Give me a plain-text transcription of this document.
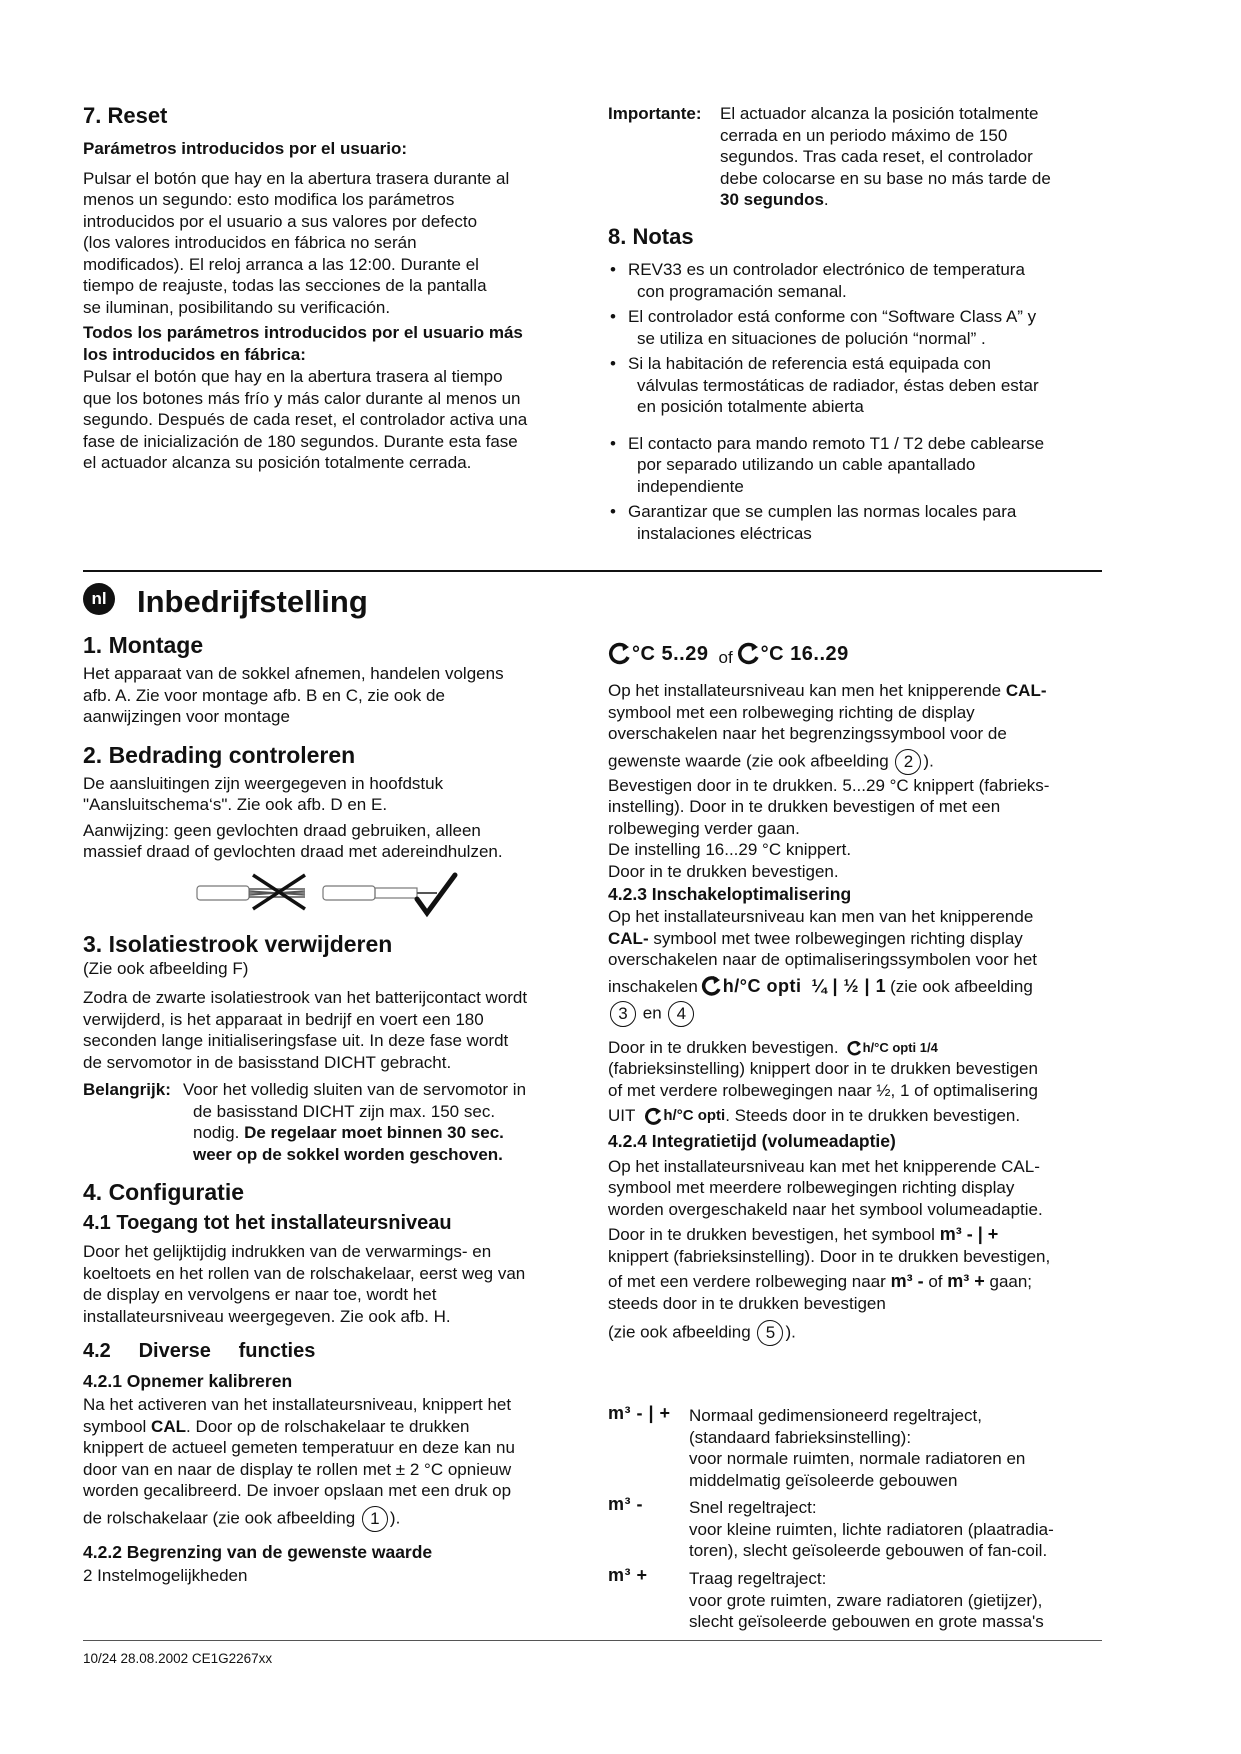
7. Reset
Parámetros introducidos por el usuario:
Pulsar el botón que hay en la abertura trasera durante al
menos un segundo: esto modifica los parámetros
introducidos por el usuario a sus valores por defecto
(los valores introducidos en fábrica no serán
modificados). El reloj arranca a las 12:00. Durante el
tiempo de reajuste, todas las secciones de la pantalla
se iluminan, posibilitando su verificación.
Todos los parámetros introducidos por el usuario más
los introducidos en fábrica:
Pulsar el botón que hay en la abertura trasera al tiempo
que los botones más frío y más calor durante al menos un
segundo. Después de cada reset, el controlador activa una
fase de inicialización de 180 segundos. Durante esta fase
el actuador alcanza su posición totalmente cerrada.
Importante: El actuador alcanza la posición totalmente
cerrada en un periodo máximo de 150
segundos. Tras cada reset, el controlador
debe colocarse en su base no más tarde de
30 segundos.
8. Notas
• REV33 es un controlador electrónico de temperatura
con programación semanal.
• El controlador está conforme con “Software Class A” y
se utiliza en situaciones de polución “normal” .
• Si la habitación de referencia está equipada con
válvulas termostáticas de radiador, éstas deben estar
en posición totalmente abierta
• El contacto para mando remoto T1 / T2 debe cablearse
por separado utilizando un cable apantallado
independiente
• Garantizar que se cumplen las normas locales para
instalaciones eléctricas
nl Inbedrijfstelling
1. Montage
Het apparaat van de sokkel afnemen, handelen volgens
afb. A. Zie voor montage afb. B en C, zie ook de
aanwijzingen voor montage
2. Bedrading controleren
De aansluitingen zijn weergegeven in hoofdstuk
"Aansluitschema‘s". Zie ook afb. D en E.
Aanwijzing: geen gevlochten draad gebruiken, alleen
massief draad of gevlochten draad met adereindhulzen.
3. Isolatiestrook verwijderen
(Zie ook afbeelding F)
Zodra de zwarte isolatiestrook van het batterijcontact wordt
verwijderd, is het apparaat in bedrijf en voert een 180
seconden lange initialiseringsfase uit. In deze fase wordt
de servomotor in de basisstand DICHT gebracht.
Belangrijk: Voor het volledig sluiten van de servomotor in
de basisstand DICHT zijn max. 150 sec.
nodig. De regelaar moet binnen 30 sec.
weer op de sokkel worden geschoven.
4. Configuratie
4.1 Toegang tot het installateursniveau
Door het gelijktijdig indrukken van de verwarmings- en
koeltoets en het rollen van de rolschakelaar, eerst weg van
de display en vervolgens er naar toe, wordt het
installateursniveau weergegeven. Zie ook afb. H.
4.2     Diverse     functies
4.2.1 Opnemer kalibreren
Na het activeren van het installateursniveau, knippert het
symbool CAL. Door op de rolschakelaar te drukken
knippert de actueel gemeten temperatuur en deze kan nu
door van en naar de display te rollen met ± 2 °C opnieuw
worden gecalibreerd. De invoer opslaan met een druk op
de rolschakelaar (zie ook afbeelding 1 ).
4.2.2 Begrenzing van de gewenste waarde
2 Instelmogelijkheden
°C 5..29 of °C 16..29
Op het installateursniveau kan men het knipperende CAL-
symbool met een rolbeweging richting de display
overschakelen naar het begrenzingssymbool voor de
gewenste waarde (zie ook afbeelding 2 ).
Bevestigen door in te drukken. 5...29 °C knippert (fabrieks-
instelling). Door in te drukken bevestigen of met een
rolbeweging verder gaan.
De instelling 16...29 °C knippert.
Door in te drukken bevestigen.
4.2.3 Inschakeloptimalisering
Op het installateursniveau kan men van het knipperende
CAL- symbool met twee rolbewegingen richting display
overschakelen naar de optimaliseringssymbolen voor het
inschakelen h/°C opti ¼ | ½ | 1 (zie ook afbeelding
3 en 4
Door in te drukken bevestigen. h/°C opti 1/4
(fabrieksinstelling) knippert door in te drukken bevestigen
of met verdere rolbewegingen naar ½, 1 of optimalisering
UIT h/°C opti . Steeds door in te drukken bevestigen.
4.2.4 Integratietijd (volumeadaptie)
Op het installateursniveau kan met het knipperende CAL-
symbool met meerdere rolbewegingen richting display
worden overgeschakeld naar het symbool volumeadaptie.
Door in te drukken bevestigen, het symbool m³ - | +
knippert (fabrieksinstelling). Door in te drukken bevestigen,
of met een verdere rolbeweging naar m³ - of m³ + gaan;
steeds door in te drukken bevestigen
(zie ook afbeelding 5 ).
m³ - | + Normaal gedimensioneerd regeltraject,
(standaard fabrieksinstelling):
voor normale ruimten, normale radiatoren en
middelmatig geïsoleerde gebouwen
m³ -	Snel regeltraject:
voor kleine ruimten, lichte radiatoren (plaatradia-
toren), slecht geïsoleerde gebouwen of fan-coil.
m³ + Traag regeltraject:
voor grote ruimten, zware radiatoren (gietijzer),
slecht geïsoleerde gebouwen en grote massa's
10/24 28.08.2002 CE1G2267xx
